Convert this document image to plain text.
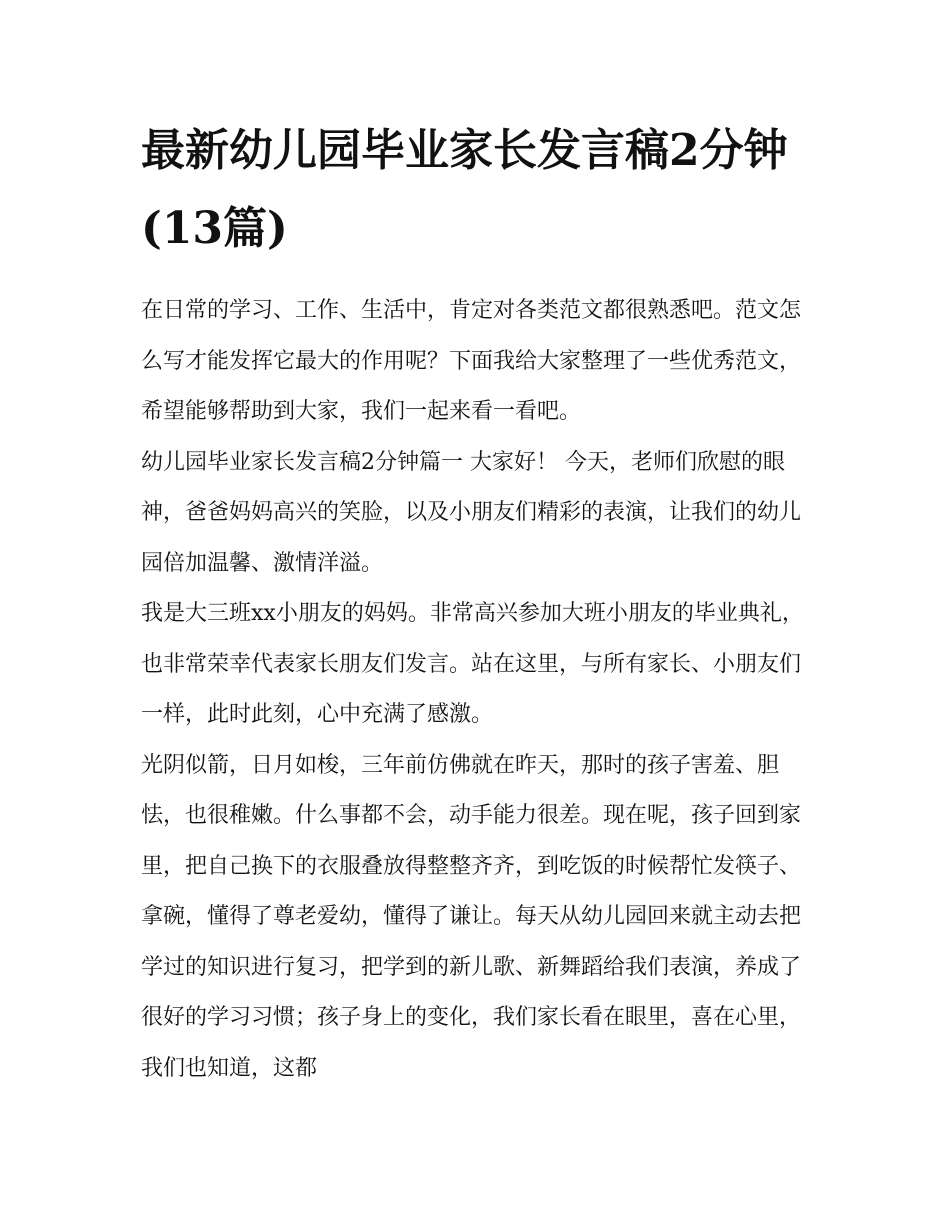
最新幼儿园毕业家长发言稿2分钟(13篇)

在日常的学习、工作、生活中，肯定对各类范文都很熟悉吧。范文怎么写才能发挥它最大的作用呢？下面我给大家整理了一些优秀范文，希望能够帮助到大家，我们一起来看一看吧。

幼儿园毕业家长发言稿2分钟篇一 大家好！ 今天，老师们欣慰的眼神，爸爸妈妈高兴的笑脸，以及小朋友们精彩的表演，让我们的幼儿园倍加温馨、激情洋溢。

我是大三班xx小朋友的妈妈。非常高兴参加大班小朋友的毕业典礼，也非常荣幸代表家长朋友们发言。站在这里，与所有家长、小朋友们一样，此时此刻，心中充满了感激。

光阴似箭，日月如梭，三年前仿佛就在昨天，那时的孩子害羞、胆怯，也很稚嫩。什么事都不会，动手能力很差。现在呢，孩子回到家里，把自己换下的衣服叠放得整整齐齐，到吃饭的时候帮忙发筷子、拿碗，懂得了尊老爱幼，懂得了谦让。每天从幼儿园回来就主动去把学过的知识进行复习，把学到的新儿歌、新舞蹈给我们表演，养成了很好的学习习惯；孩子身上的变化，我们家长看在眼里，喜在心里，我们也知道，这都
